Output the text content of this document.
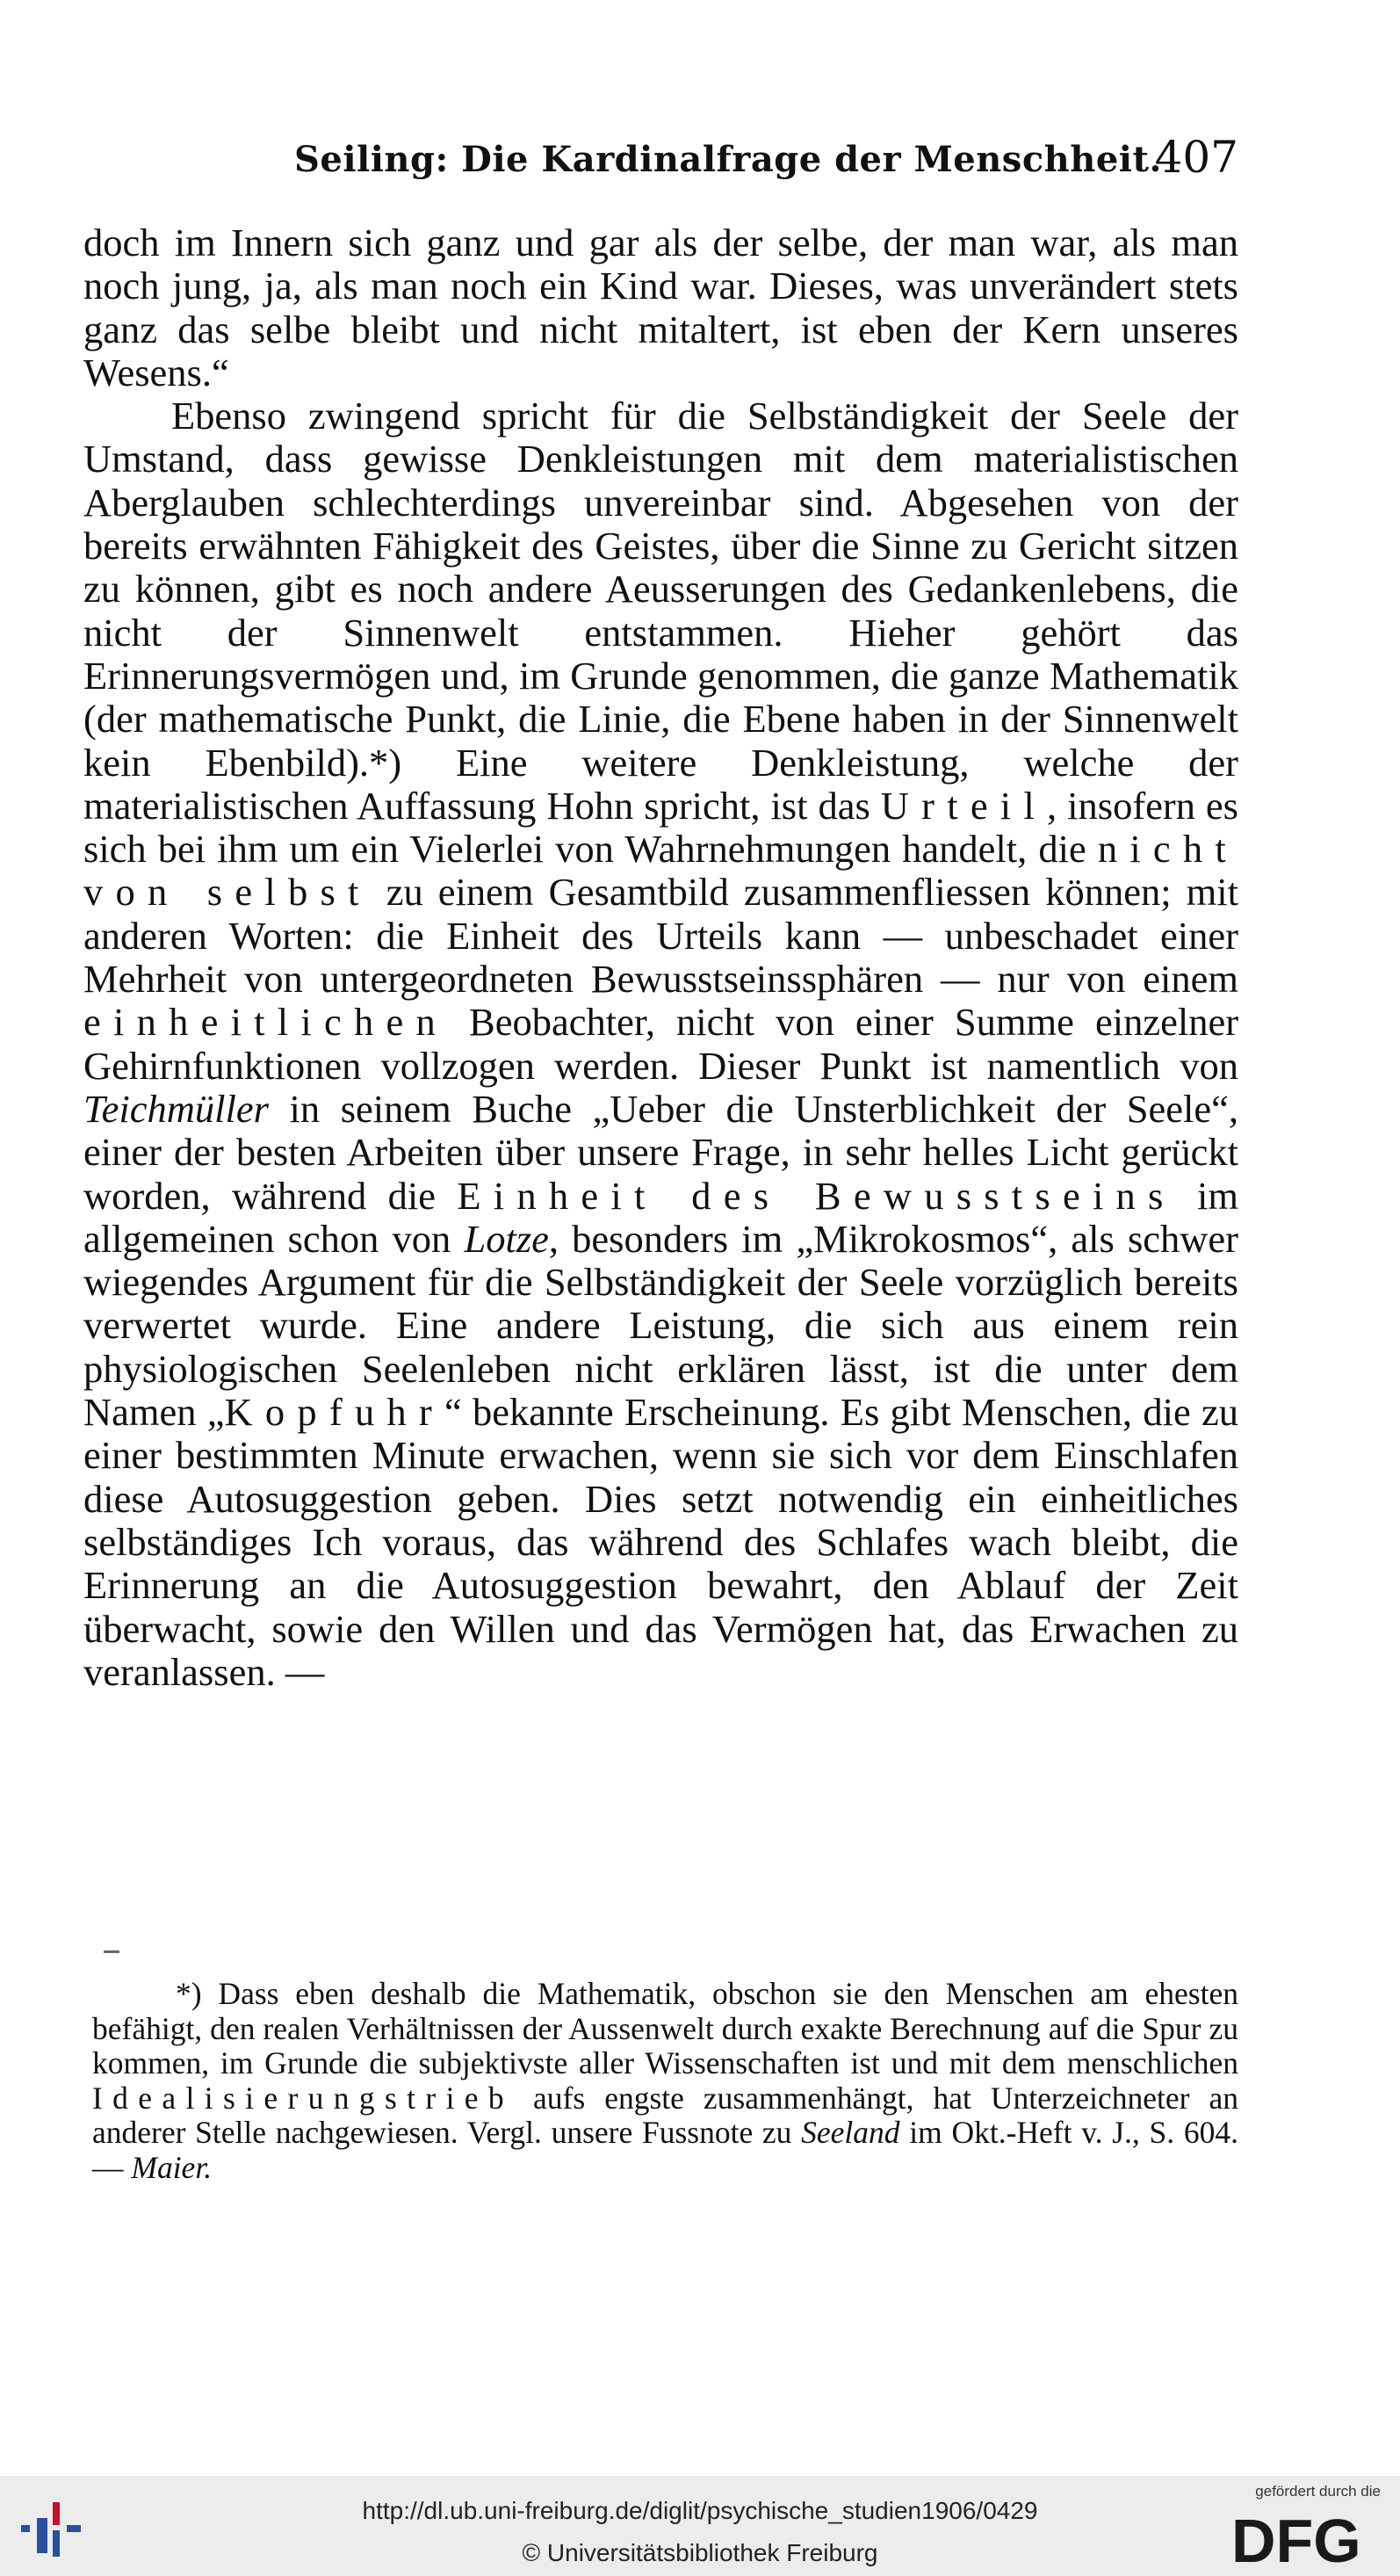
Seiling: Die Kardinalfrage der Menschheit.
407

doch im Innern sich ganz und gar als der selbe, der man war, als man noch jung, ja, als man noch ein Kind war. Dieses, was unverändert stets ganz das selbe bleibt und nicht mitaltert, ist eben der Kern unseres Wesens.“

Ebenso zwingend spricht für die Selbständigkeit der Seele der Umstand, dass gewisse Denkleistungen mit dem materialistischen Aberglauben schlechterdings unvereinbar sind. Abgesehen von der bereits erwähnten Fähigkeit des Geistes, über die Sinne zu Gericht sitzen zu können, gibt es noch andere Aeusserungen des Gedankenlebens, die nicht der Sinnenwelt entstammen. Hieher gehört das Erinnerungsvermögen und, im Grunde genommen, die ganze Mathematik (der mathematische Punkt, die Linie, die Ebene haben in der Sinnenwelt kein Ebenbild).*) Eine weitere Denkleistung, welche der materialistischen Auffassung Hohn spricht, ist das Urteil, insofern es sich bei ihm um ein Vielerlei von Wahrnehmungen handelt, die nicht von selbst zu einem Gesamtbild zusammenfliessen können; mit anderen Worten: die Einheit des Urteils kann — unbeschadet einer Mehrheit von untergeordneten Bewusstseinssphären — nur von einem einheitlichen Beobachter, nicht von einer Summe einzelner Gehirnfunktionen vollzogen werden. Dieser Punkt ist namentlich von Teichmüller in seinem Buche „Ueber die Unsterblichkeit der Seele“, einer der besten Arbeiten über unsere Frage, in sehr helles Licht gerückt worden, während die Einheit des Bewusstseins im allgemeinen schon von Lotze, besonders im „Mikrokosmos“, als schwer wiegendes Argument für die Selbständigkeit der Seele vorzüglich bereits verwertet wurde. Eine andere Leistung, die sich aus einem rein physiologischen Seelenleben nicht erklären lässt, ist die unter dem Namen „Kopfuhr“ bekannte Erscheinung. Es gibt Menschen, die zu einer bestimmten Minute erwachen, wenn sie sich vor dem Einschlafen diese Autosuggestion geben. Dies setzt notwendig ein einheitliches selbständiges Ich voraus, das während des Schlafes wach bleibt, die Erinnerung an die Autosuggestion bewahrt, den Ablauf der Zeit überwacht, sowie den Willen und das Vermögen hat, das Erwachen zu veranlassen. —

*) Dass eben deshalb die Mathematik, obschon sie den Menschen am ehesten befähigt, den realen Verhältnissen der Aussenwelt durch exakte Berechnung auf die Spur zu kommen, im Grunde die subjektivste aller Wissenschaften ist und mit dem menschlichen Idealisierungstrieb aufs engste zusammenhängt, hat Unterzeichneter an anderer Stelle nachgewiesen. Vergl. unsere Fussnote zu Seeland im Okt.-Heft v. J., S. 604. — Maier.

http://dl.ub.uni-freiburg.de/diglit/psychische_studien1906/0429
© Universitätsbibliothek Freiburg
gefördert durch die
DFG
